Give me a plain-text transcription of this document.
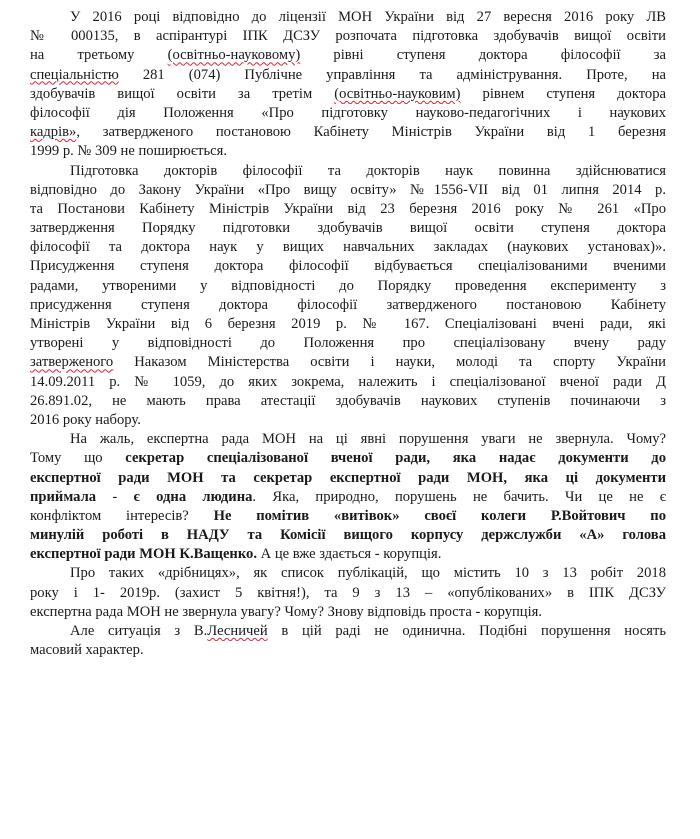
У 2016 році відповідно до ліцензії МОН України від 27 вересня 2016 року ЛВ
№ 000135, в аспірантурі ІПК ДСЗУ розпочата підготовка здобувачів вищої освіти
на третьому (освітньо-науковому) рівні ступеня доктора філософії за
спеціальністю 281 (074) Публічне управління та адміністрування. Проте, на
здобувачів вищої освіти за третім (освітньо-науковим) рівнем ступеня доктора
філософії дія Положення «Про підготовку науково-педагогічних і наукових
кадрів», затвердженого постановою Кабінету Міністрів України від 1 березня
1999 р. № 309 не поширюється.
Підготовка докторів філософії та докторів наук повинна здійснюватися
відповідно до Закону України «Про вищу освіту» №1556-VII від 01 липня 2014 р.
та Постанови Кабінету Міністрів України від 23 березня 2016 року № 261 «Про
затвердження Порядку підготовки здобувачів вищої освіти ступеня доктора
філософії та доктора наук у вищих навчальних закладах (наукових установах)».
Присудження ступеня доктора філософії відбувається спеціалізованими вченими
радами, утвореними у відповідності до Порядку проведення експерименту з
присудження ступеня доктора філософії затвердженого постановою Кабінету
Міністрів України від 6 березня 2019 р. № 167. Спеціалізовані вчені ради, які
утворені у відповідності до Положення про спеціалізовану вчену раду
затверженого Наказом Міністерства освіти і науки, молоді та спорту України
14.09.2011 р. № 1059, до яких зокрема, належить і спеціалізованої вченої ради Д
26.891.02, не мають права атестації здобувачів наукових ступенів починаючи з
2016 року набору.
На жаль, експертна рада МОН на ці явні порушення уваги не звернула. Чому?
Тому що секретар спеціалізованої вченої ради, яка надає документи до
експертної ради МОН та секретар експертної ради МОН, яка ці документи
приймала - є одна людина. Яка, природно, порушень не бачить. Чи це не є
конфліктом інтересів? Не помітив «витівок» своєї колеги Р.Войтович по
минулій роботі в НАДУ та Комісії вищого корпусу держслужби «А» голова
експертної ради МОН К.Ващенко. А це вже здається - корупція.
Про таких «дрібницях», як список публікацій, що містить 10 з 13 робіт 2018
року і 1- 2019р. (захист 5 квітня!), та 9 з 13 – «опублікованих» в ІПК ДСЗУ
експертна рада МОН не звернула увагу? Чому? Знову відповідь проста - корупція.
Але ситуація з В.Лесничей в цій раді не одинична. Подібні порушення носять
масовий характер.
